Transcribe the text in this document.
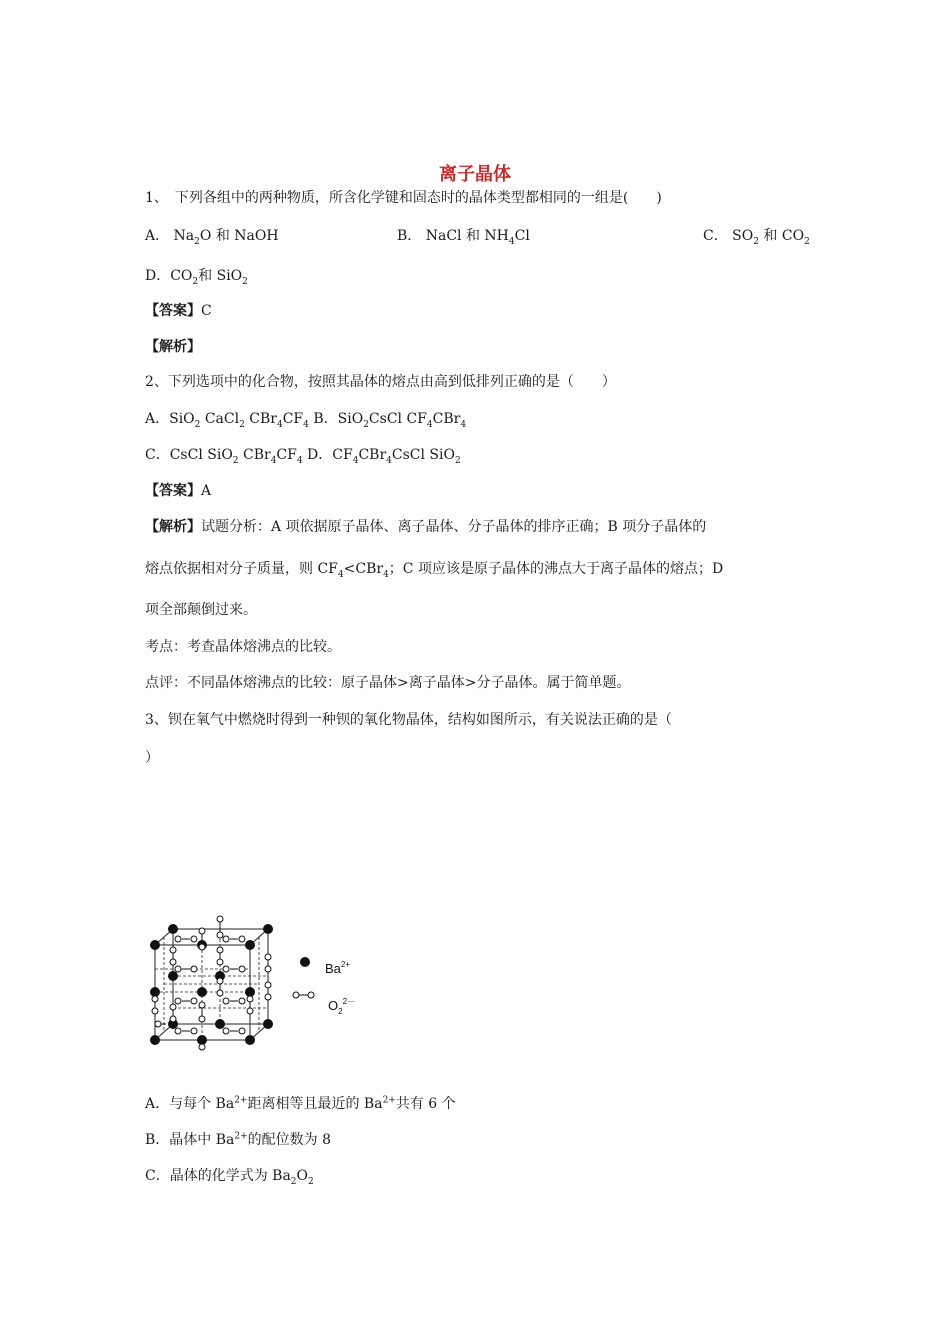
离子晶体
1、　下列各组中的两种物质，所含化学键和固态时的晶体类型都相同的一组是(　　)
A． $Na_2O$ 和 NaOH	B． NaCl 和 $NH_4Cl$	C． $SO_2$ 和 $CO_2$
D．$CO_2$和 SiO$_2$
【答案】C
【解析】
2、下列选项中的化合物，按照其晶体的熔点由高到低排列正确的是（　　）
A．SiO$_2$ CaCl$_2$ $CBr_4CF_4$ B．SiO$_2$CsCl $CF_4CBr_4$
C．CsCl SiO$_2$ $CBr_4CF_4$ D．$CF_4CBr_4CsCl$ SiO$_2$
【答案】A
【解析】试题分析：A 项依据原子晶体、离子晶体、分子晶体的排序正确；B 项分子晶体的
熔点依据相对分子质量，则 $CF_4<CBr_4$；C 项应该是原子晶体的沸点大于离子晶体的熔点；D
项全部颠倒过来。
考点：考查晶体熔沸点的比较。
点评：不同晶体熔沸点的比较：原子晶体>离子晶体>分子晶体。属于简单题。
3、钡在氧气中燃烧时得到一种钡的氧化物晶体，结构如图所示，有关说法正确的是（
）
$Ba^{2+}$
$O_2^{2-}$
A．与每个 $Ba^{2+}$距离相等且最近的 $Ba^{2+}$共有 6 个
B．晶体中 $Ba^{2+}$的配位数为 8
C．晶体的化学式为 $Ba_2O_2$
